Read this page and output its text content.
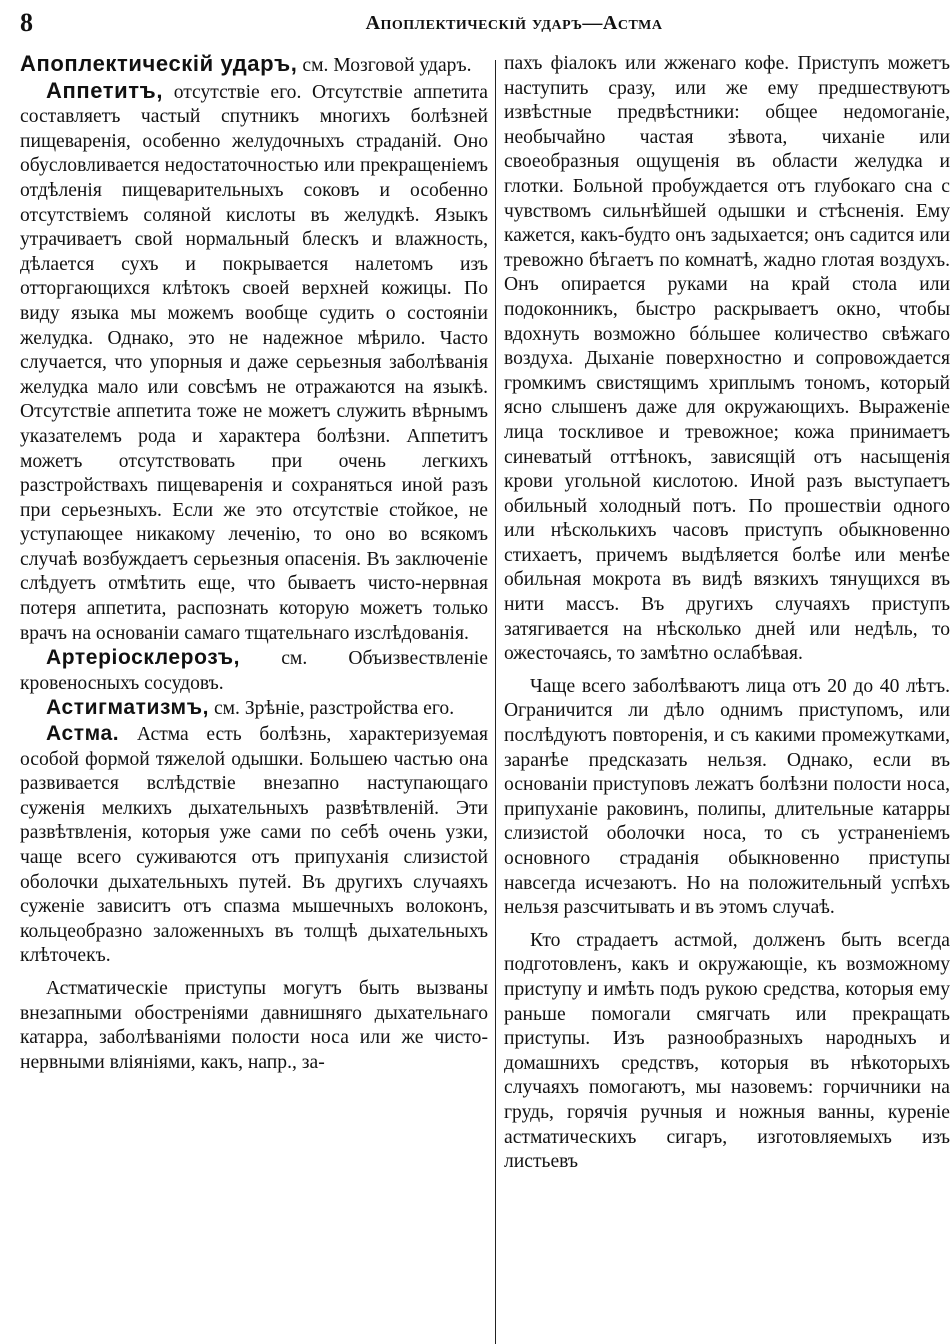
8	Апоплектическій ударъ—Астма

Апоплектическій ударъ, см. Мозговой ударъ.

Аппетитъ, отсутствіе его. Отсутствіе аппетита составляетъ частый спутникъ многихъ болѣзней пищеваренія, особенно желудочныхъ страданій. Оно обусловливается недостаточностью или прекращеніемъ отдѣленія пищеварительныхъ соковъ и особенно отсутствіемъ соляной кислоты въ желудкѣ. Языкъ утрачиваетъ свой нормальный блескъ и влажность, дѣлается сухъ и покрывается налетомъ изъ отторгающихся клѣтокъ своей верхней кожицы. По виду языка мы можемъ вообще судить о состояніи желудка. Однако, это не надежное мѣрило. Часто случается, что упорныя и даже серьезныя заболѣванія желудка мало или совсѣмъ не отражаются на языкѣ. Отсутствіе аппетита тоже не можетъ служить вѣрнымъ указателемъ рода и характера болѣзни. Аппетитъ можетъ отсутствовать при очень легкихъ разстройствахъ пищеваренія и сохраняться иной разъ при серьезныхъ. Если же это отсутствіе стойкое, не уступающее никакому леченію, то оно во всякомъ случаѣ возбуждаетъ серьезныя опасенія. Въ заключеніе слѣдуетъ отмѣтить еще, что бываетъ чисто-нервная потеря аппетита, распознать которую можетъ только врачъ на основаніи самаго тщательнаго изслѣдованія.

Артеріосклерозъ, см. Объизвествленіе кровеносныхъ сосудовъ.

Астигматизмъ, см. Зрѣніе, разстройства его.

Астма. Астма есть болѣзнь, характеризуемая особой формой тяжелой одышки. Большею частью она развивается вслѣдствіе внезапно наступающаго суженія мелкихъ дыхательныхъ развѣтвленій. Эти развѣтвленія, которыя уже сами по себѣ очень узки, чаще всего суживаются отъ припуханія слизистой оболочки дыхательныхъ путей. Въ другихъ случаяхъ суженіе зависитъ отъ спазма мышечныхъ волоконъ, кольцеобразно заложенныхъ въ толщѣ дыхательныхъ клѣточекъ.

Астматическіе приступы могутъ быть вызваны внезапными обостреніями давнишняго дыхательнаго катарра, заболѣваніями полости носа или же чисто-нервными вліяніями, какъ, напр., за-

пахъ фіалокъ или жженаго кофе. Приступъ можетъ наступить сразу, или же ему предшествуютъ извѣстные предвѣстники: общее недомоганіе, необычайно частая зѣвота, чиханіе или своеобразныя ощущенія въ области желудка и глотки. Больной пробуждается отъ глубокаго сна с чувствомъ сильнѣйшей одышки и стѣсненія. Ему кажется, какъ-будто онъ задыхается; онъ садится или тревожно бѣгаетъ по комнатѣ, жадно глотая воздухъ. Онъ опирается руками на край стола или подоконникъ, быстро раскрываетъ окно, чтобы вдохнуть возможно бóльшее количество свѣжаго воздуха. Дыханіе поверхностно и сопровождается громкимъ свистящимъ хриплымъ тономъ, который ясно слышенъ даже для окружающихъ. Выраженіе лица тоскливое и тревожное; кожа принимаетъ синеватый оттѣнокъ, зависящій отъ насыщенія крови угольной кислотою. Иной разъ выступаетъ обильный холодный потъ. По прошествіи одного или нѣсколькихъ часовъ приступъ обыкновенно стихаетъ, причемъ выдѣляется болѣе или менѣе обильная мокрота въ видѣ вязкихъ тянущихся въ нити массъ. Въ другихъ случаяхъ приступъ затягивается на нѣсколько дней или недѣль, то ожесточаясь, то замѣтно ослабѣвая.

Чаще всего заболѣваютъ лица отъ 20 до 40 лѣтъ. Ограничится ли дѣло однимъ приступомъ, или послѣдуютъ повторенія, и съ какими промежутками, заранѣе предсказать нельзя. Однако, если въ основаніи приступовъ лежатъ болѣзни полости носа, припуханіе раковинъ, полипы, длительные катарры слизистой оболочки носа, то съ устраненіемъ основного страданія обыкновенно приступы навсегда исчезаютъ. Но на положительный успѣхъ нельзя разсчитывать и въ этомъ случаѣ.

Кто страдаетъ астмой, долженъ быть всегда подготовленъ, какъ и окружающіе, къ возможному приступу и имѣть подъ рукою средства, которыя ему раньше помогали смягчать или прекращать приступы. Изъ разнообразныхъ народныхъ и домашнихъ средствъ, которыя въ нѣкоторыхъ случаяхъ помогаютъ, мы назовемъ: горчичники на грудь, горячія ручныя и ножныя ванны, куреніе астматическихъ сигаръ, изготовляемыхъ изъ листьевъ
